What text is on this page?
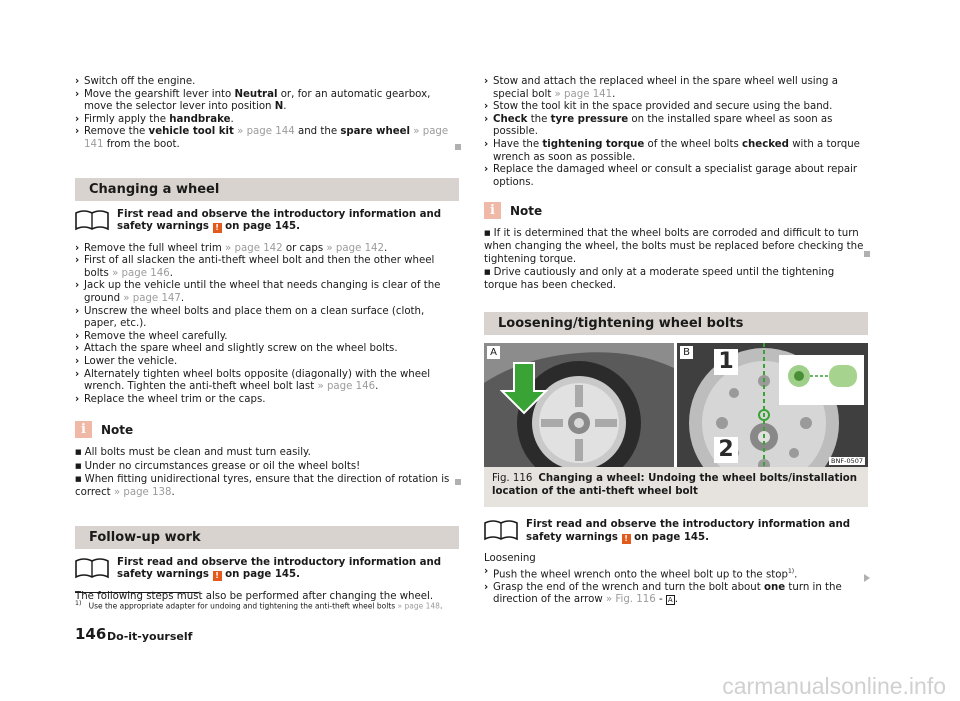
› Switch off the engine.
› Move the gearshift lever into Neutral or, for an automatic gearbox, move the selector lever into position N.
› Firmly apply the handbrake.
› Remove the vehicle tool kit » page 144 and the spare wheel » page 141 from the boot.
Changing a wheel
First read and observe the introductory information and safety warnings ! on page 145.
› Remove the full wheel trim » page 142 or caps » page 142.
› First of all slacken the anti-theft wheel bolt and then the other wheel bolts » page 146.
› Jack up the vehicle until the wheel that needs changing is clear of the ground » page 147.
› Unscrew the wheel bolts and place them on a clean surface (cloth, paper, etc.).
› Remove the wheel carefully.
› Attach the spare wheel and slightly screw on the wheel bolts.
› Lower the vehicle.
› Alternately tighten wheel bolts opposite (diagonally) with the wheel wrench. Tighten the anti-theft wheel bolt last » page 146.
› Replace the wheel trim or the caps.
i	Note
■ All bolts must be clean and must turn easily.
■ Under no circumstances grease or oil the wheel bolts!
■ When fitting unidirectional tyres, ensure that the direction of rotation is correct » page 138.
Follow-up work
First read and observe the introductory information and safety warnings ! on page 145.
The following steps must also be performed after changing the wheel.
› Stow and attach the replaced wheel in the spare wheel well using a special bolt » page 141.
› Stow the tool kit in the space provided and secure using the band.
› Check the tyre pressure on the installed spare wheel as soon as possible.
› Have the tightening torque of the wheel bolts checked with a torque wrench as soon as possible.
› Replace the damaged wheel or consult a specialist garage about repair options.
i	Note
■ If it is determined that the wheel bolts are corroded and difficult to turn when changing the wheel, the bolts must be replaced before checking the tightening torque.
■ Drive cautiously and only at a moderate speed until the tightening torque has been checked.
Loosening/tightening wheel bolts
A	B 1
2	BNF-0507
Fig. 116 Changing a wheel: Undoing the wheel bolts/installation location of the anti-theft wheel bolt
First read and observe the introductory information and safety warnings ! on page 145.
Loosening
› Push the wheel wrench onto the wheel bolt up to the stop$^{1)}$.
› Grasp the end of the wrench and turn the bolt about one turn in the direction of the arrow » Fig. 116 - A .
$^{1)}$ Use the appropriate adapter for undoing and tightening the anti-theft wheel bolts » page 148.
146 Do-it-yourself
carmanualsonline.info
